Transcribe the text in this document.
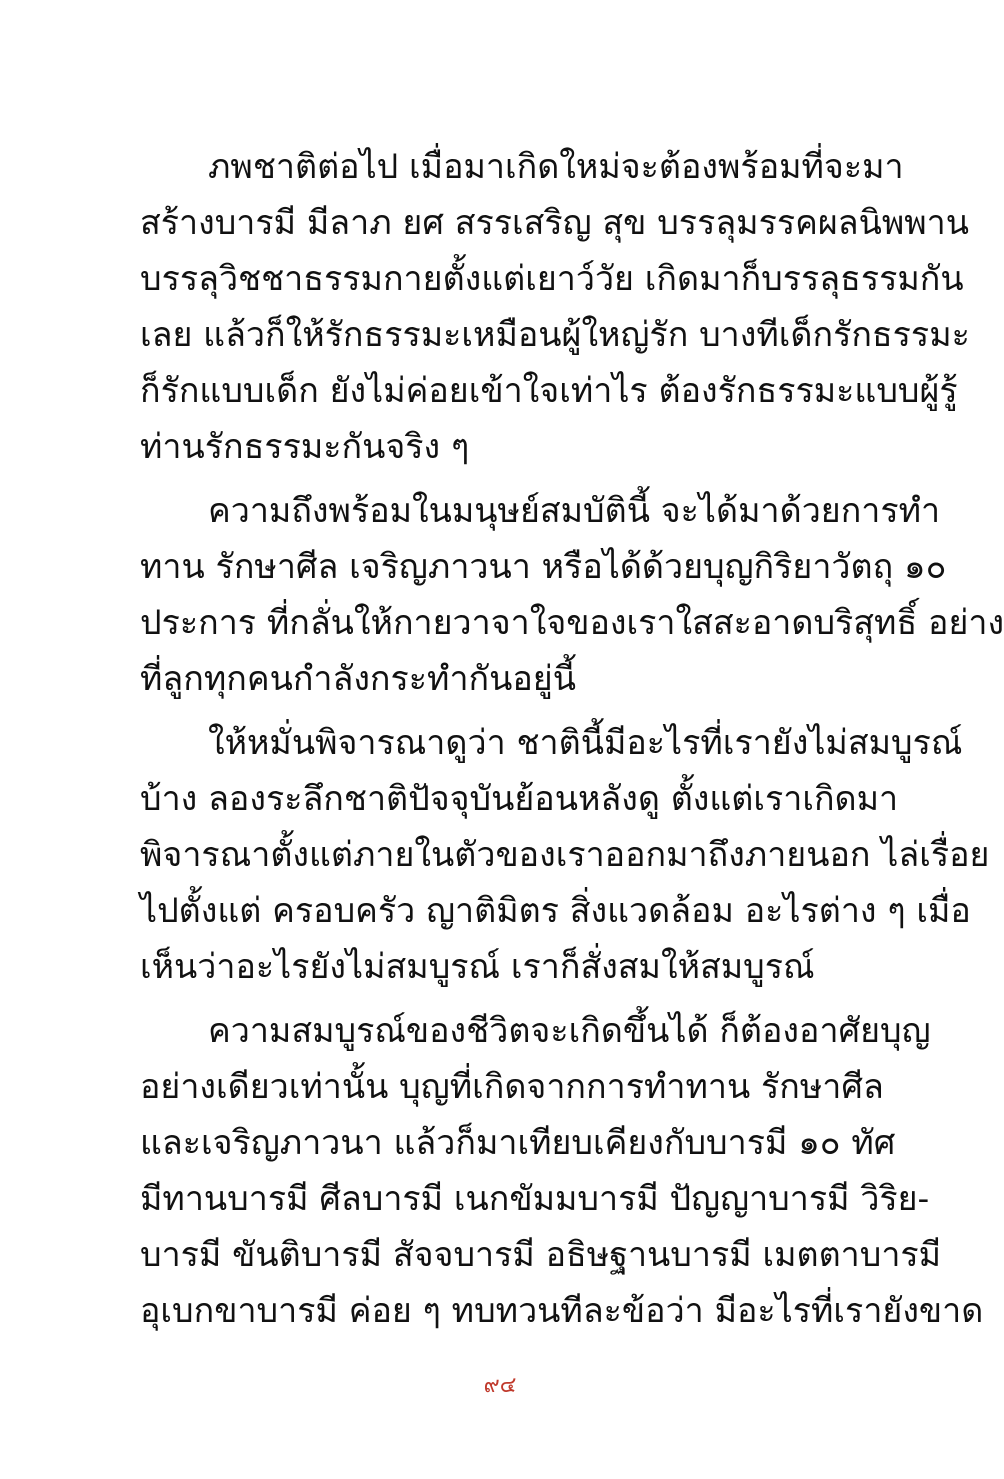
ภพชาติต่อไป เมื่อมาเกิดใหม่จะต้องพร้อมที่จะมา
สร้างบารมี มีลาภ ยศ สรรเสริญ สุข บรรลุมรรคผลนิพพาน
บรรลุวิชชาธรรมกายตั้งแต่เยาว์วัย เกิดมาก็บรรลุธรรมกัน
เลย แล้วก็ให้รักธรรมะเหมือนผู้ใหญ่รัก บางทีเด็กรักธรรมะ
ก็รักแบบเด็ก ยังไม่ค่อยเข้าใจเท่าไร ต้องรักธรรมะแบบผู้รู้
ท่านรักธรรมะกันจริง ๆ
ความถึงพร้อมในมนุษย์สมบัตินี้ จะได้มาด้วยการทำ
ทาน รักษาศีล เจริญภาวนา หรือได้ด้วยบุญกิริยาวัตถุ ๑๐
ประการ ที่กลั่นให้กายวาจาใจของเราใสสะอาดบริสุทธิ์ อย่าง
ที่ลูกทุกคนกำลังกระทำกันอยู่นี้
ให้หมั่นพิจารณาดูว่า ชาตินี้มีอะไรที่เรายังไม่สมบูรณ์
บ้าง ลองระลึกชาติปัจจุบันย้อนหลังดู ตั้งแต่เราเกิดมา
พิจารณาตั้งแต่ภายในตัวของเราออกมาถึงภายนอก ไล่เรื่อย
ไปตั้งแต่ ครอบครัว ญาติมิตร สิ่งแวดล้อม อะไรต่าง ๆ เมื่อ
เห็นว่าอะไรยังไม่สมบูรณ์ เราก็สั่งสมให้สมบูรณ์
ความสมบูรณ์ของชีวิตจะเกิดขึ้นได้ ก็ต้องอาศัยบุญ
อย่างเดียวเท่านั้น บุญที่เกิดจากการทำทาน รักษาศีล
และเจริญภาวนา แล้วก็มาเทียบเคียงกับบารมี ๑๐ ทัศ
มีทานบารมี ศีลบารมี เนกขัมมบารมี ปัญญาบารมี วิริย-
บารมี ขันติบารมี สัจจบารมี อธิษฐานบารมี เมตตาบารมี
อุเบกขาบารมี ค่อย ๆ ทบทวนทีละข้อว่า มีอะไรที่เรายังขาด
๙๔
